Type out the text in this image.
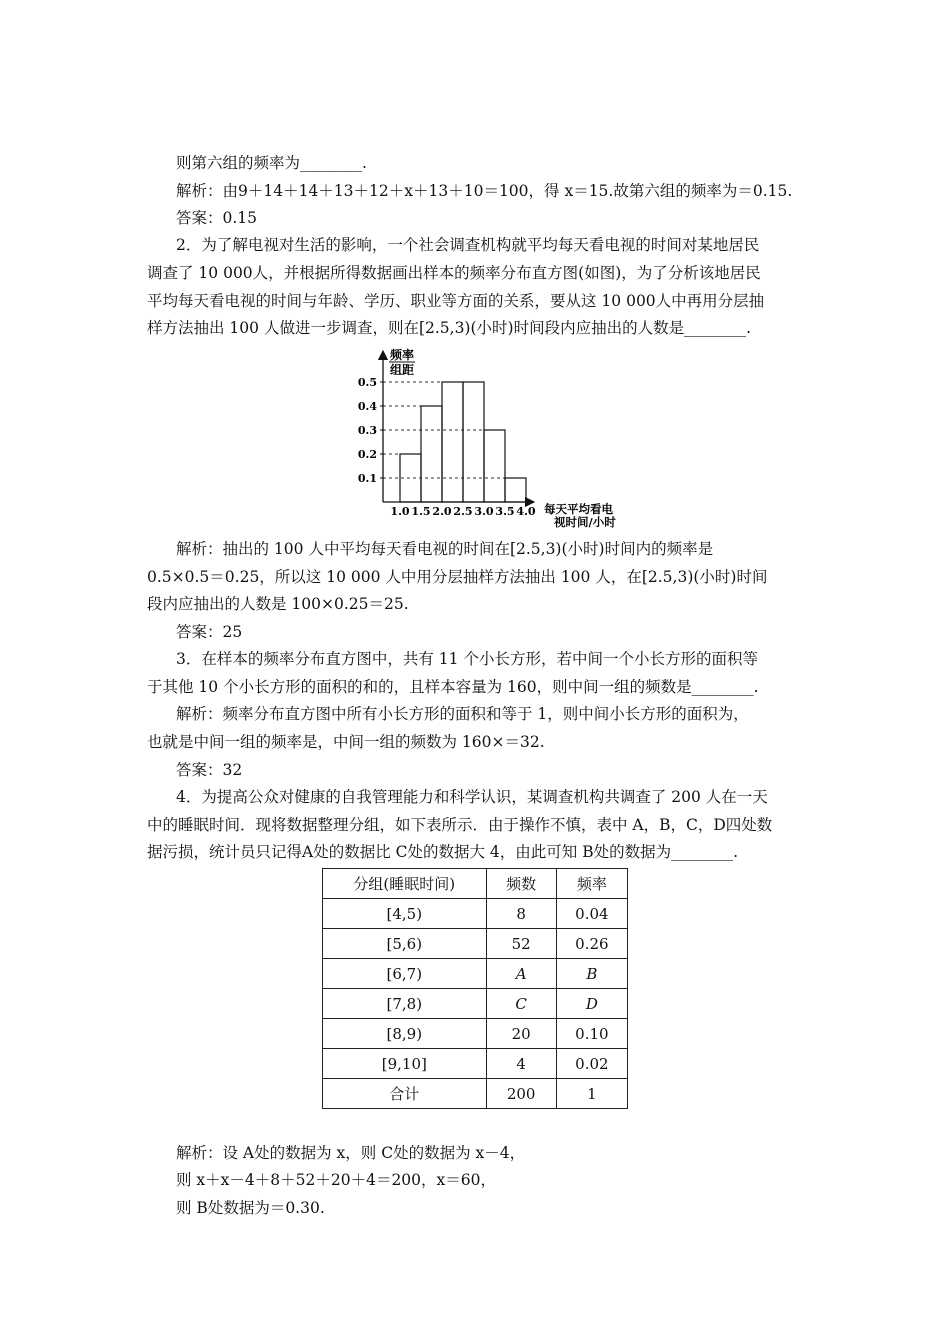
则第六组的频率为________.
解析：由9＋14＋14＋13＋12＋x＋13＋10＝100，得 x＝15.故第六组的频率为＝0.15.
答案：0.15
2．为了解电视对生活的影响，一个社会调查机构就平均每天看电视的时间对某地居民
调查了 10 000人，并根据所得数据画出样本的频率分布直方图(如图)，为了分析该地居民
平均每天看电视的时间与年龄、学历、职业等方面的关系，要从这 10 000人中再用分层抽
样方法抽出 100 人做进一步调查，则在[2.5,3)(小时)时间段内应抽出的人数是________.
频率
组距
0.1
0.2
0.3
0.4
0.5
1.0 1.5 2.0 2.5 3.0 3.5 4.0 每天平均看电
视时间/小时
解析：抽出的 100 人中平均每天看电视的时间在[2.5,3)(小时)时间内的频率是
0.5×0.5＝0.25，所以这 10 000 人中用分层抽样方法抽出 100 人，在[2.5,3)(小时)时间
段内应抽出的人数是 100×0.25＝25.
答案：25
3．在样本的频率分布直方图中，共有 11 个小长方形，若中间一个小长方形的面积等
于其他 10 个小长方形的面积的和的，且样本容量为 160，则中间一组的频数是________.
解析：频率分布直方图中所有小长方形的面积和等于 1，则中间小长方形的面积为，
也就是中间一组的频率是，中间一组的频数为 160×＝32.
答案：32
4．为提高公众对健康的自我管理能力和科学认识，某调查机构共调查了 200 人在一天
中的睡眠时间．现将数据整理分组，如下表所示．由于操作不慎，表中 A，B，C，D四处数
据污损，统计员只记得A处的数据比 C处的数据大 4，由此可知 B处的数据为________.
分组(睡眠时间)	频数	频率
[4,5)	8	0.04
[5,6)	52	0.26
[6,7)	A	B
[7,8)	C	D
[8,9)	20	0.10
[9,10]	4	0.02
合计	200	1
解析：设 A处的数据为 x，则 C处的数据为 x－4，
则 x＋x－4＋8＋52＋20＋4＝200，x＝60，
则 B处数据为＝0.30.
